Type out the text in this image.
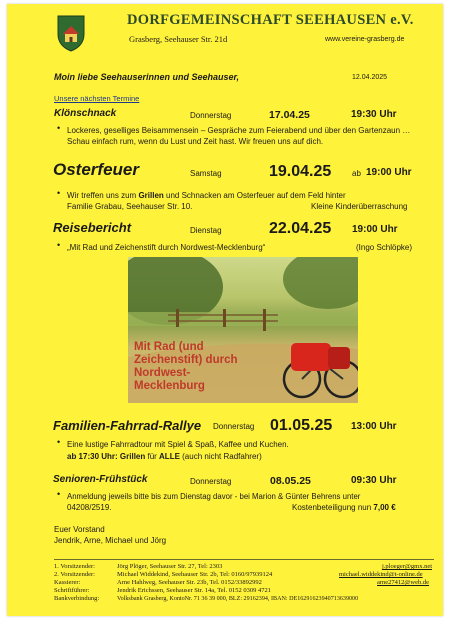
DORFGEMEINSCHAFT SEEHAUSEN e.V.
Grasberg, Seehauser Str. 21d	www.vereine-grasberg.de
Moin liebe Seehauserinnen und Seehauser,	12.04.2025
Unsere nächsten Termine
Klönschnack	Donnerstag	17.04.25	19:30 Uhr
• Lockeres, geselliges Beisammensein – Gespräche zum Feierabend und über den Gartenzaun … Schau einfach rum, wenn du Lust und Zeit hast. Wir freuen uns auf dich.
Osterfeuer	Samstag	19.04.25	ab 19:00 Uhr
• Wir treffen uns zum Grillen und Schnacken am Osterfeuer auf dem Feld hinter
Familie Grabau, Seehauser Str. 10.	Kleine Kinderüberraschung
Reisebericht	Dienstag	22.04.25 19:00 Uhr
• „Mit Rad und Zeichenstift durch Nordwest-Mecklenburg“	(Ingo Schlöpke)
Mit Rad (und
Zeichenstift) durch
Nordwest-
Mecklenburg
Familien-Fahrrad-Rallye Donnerstag 01.05.25 13:00 Uhr
• Eine lustige Fahrradtour mit Spiel & Spaß, Kaffee und Kuchen.
ab 17:30 Uhr: Grillen für ALLE (auch nicht Radfahrer)
Senioren-Frühstück	Donnerstag	08.05.25	09:30 Uhr
• Anmeldung jeweils bitte bis zum Dienstag davor - bei Marion & Günter Behrens unter
04208/2519.	Kostenbeteiligung nun 7,00 €
Euer Vorstand
Jendrik, Arne, Michael und Jörg
1. Vorsitzender:	Jörg Plöger, Seehauser Str. 27, Tel: 2303	j.ploeger@gmx.net
2. Vorsitzender:	Michael Widdekind, Seehauser Str. 2b, Tel: 0160/97939124	michael.widdekind@t-online.de
Kassierer:	Arne Hahlweg, Seehauser Str. 23b, Tel. 0152/33892992	arne27412@web.de
Schriftführer:	Jendrik Erichssen, Seehauser Str. 14a, Tel. 0152 0309 4721
Bankverbindung:	Volksbank Grasberg, KontoNr. 71 36 39 000, BLZ: 29162394, IBAN: DE16291623940713639000
